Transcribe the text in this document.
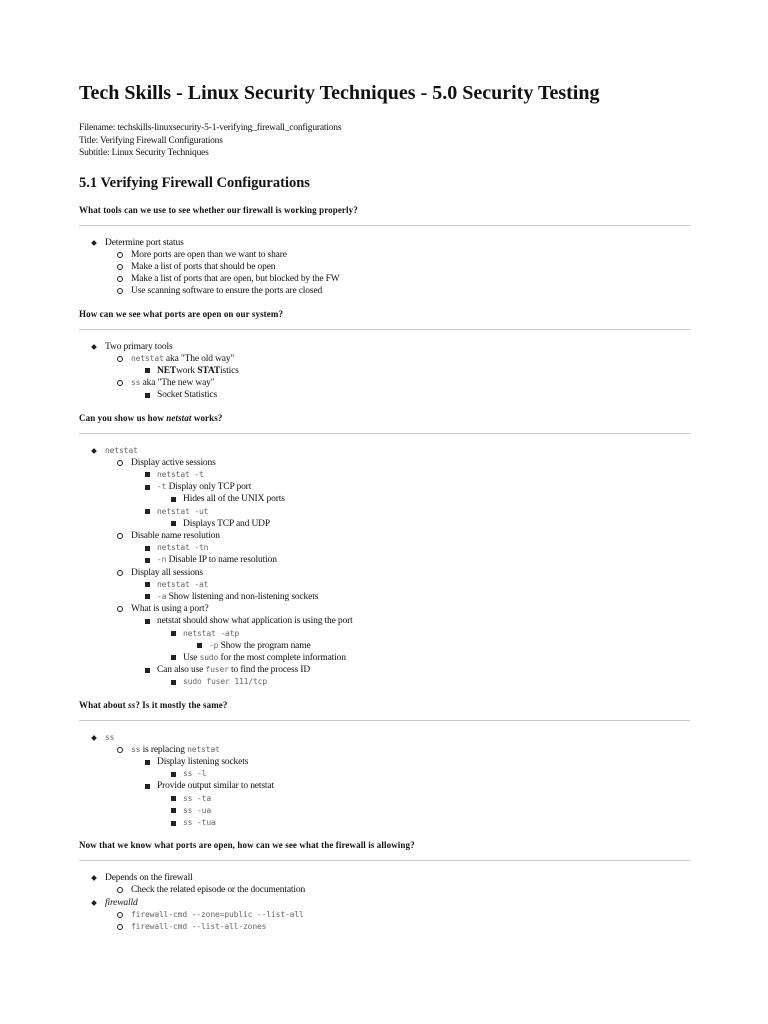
Tech Skills - Linux Security Techniques - 5.0 Security Testing
Filename: techskills-linuxsecurity-5-1-verifying_firewall_configurations
Title: Verifying Firewall Configurations
Subtitle: Linux Security Techniques
5.1 Verifying Firewall Configurations
What tools can we use to see whether our firewall is working properly?
Determine port status
More ports are open than we want to share
Make a list of ports that should be open
Make a list of ports that are open, but blocked by the FW
Use scanning software to ensure the ports are closed
How can we see what ports are open on our system?
Two primary tools
netstat aka "The old way"
NETwork STATistics
ss aka "The new way"
Socket Statistics
Can you show us how netstat works?
netstat
Display active sessions
netstat -t
-t Display only TCP port
Hides all of the UNIX ports
netstat -ut
Displays TCP and UDP
Disable name resolution
netstat -tn
-n Disable IP to name resolution
Display all sessions
netstat -at
-a Show listening and non-listening sockets
What is using a port?
netstat should show what application is using the port
netstat -atp
-p Show the program name
Use sudo for the most complete information
Can also use fuser to find the process ID
sudo fuser 111/tcp
What about ss? Is it mostly the same?
ss
ss is replacing netstat
Display listening sockets
ss -l
Provide output similar to netstat
ss -ta
ss -ua
ss -tua
Now that we know what ports are open, how can we see what the firewall is allowing?
Depends on the firewall
Check the related episode or the documentation
firewalld
firewall-cmd --zone=public --list-all
firewall-cmd --list-all-zones
